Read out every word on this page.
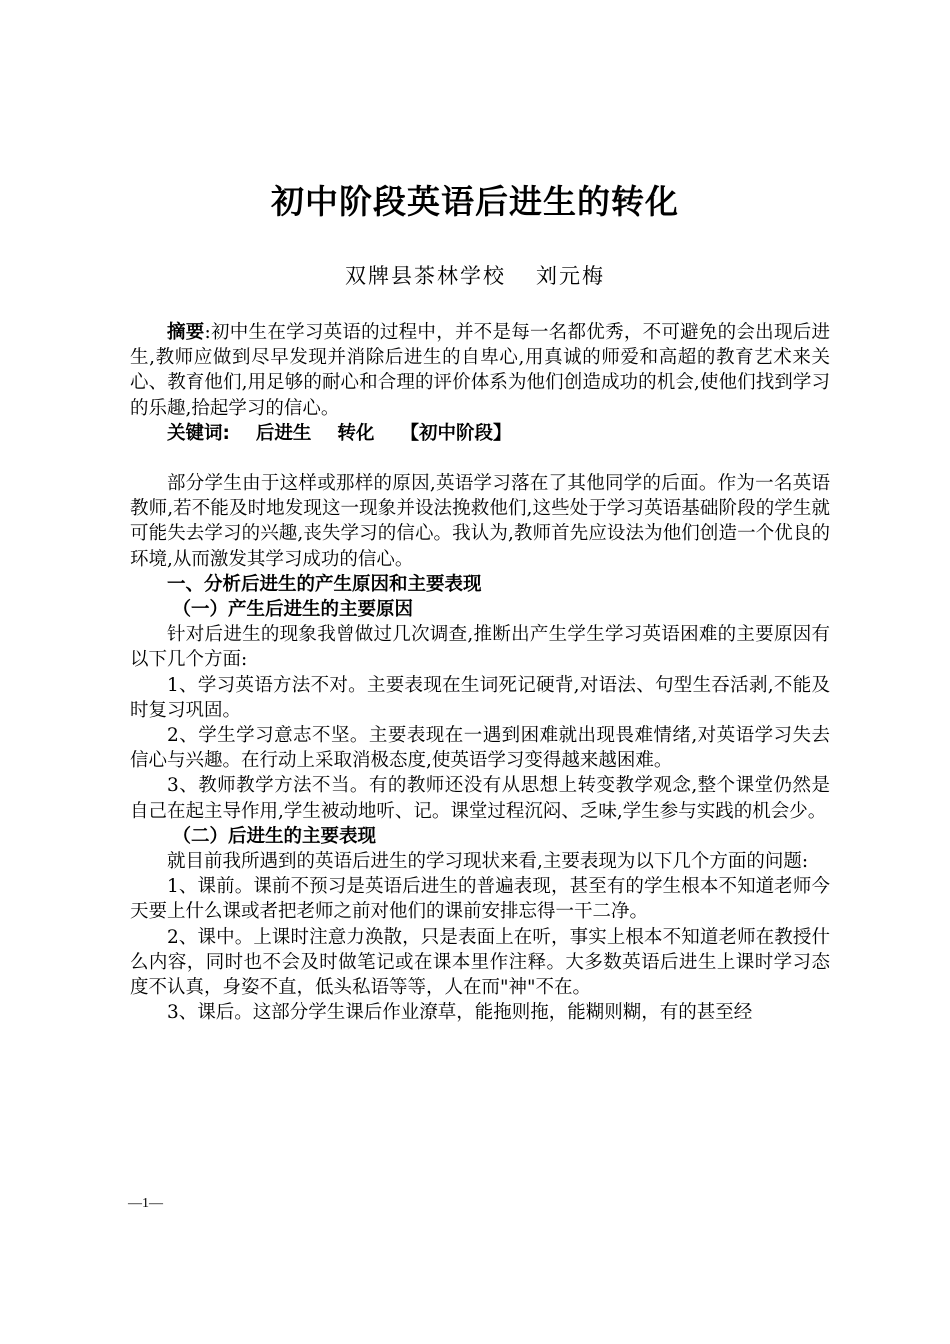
初中阶段英语后进生的转化
双牌县茶林学校 刘元梅

摘要:初中生在学习英语的过程中，并不是每一名都优秀，不可避免的会出现后进生,教师应做到尽早发现并消除后进生的自卑心,用真诚的师爱和高超的教育艺术来关心、教育他们,用足够的耐心和合理的评价体系为他们创造成功的机会,使他们找到学习的乐趣,拾起学习的信心。

关键词: 后进生 转化 【初中阶段】

部分学生由于这样或那样的原因,英语学习落在了其他同学的后面。作为一名英语教师,若不能及时地发现这一现象并设法挽救他们,这些处于学习英语基础阶段的学生就可能失去学习的兴趣,丧失学习的信心。我认为,教师首先应设法为他们创造一个优良的环境,从而激发其学习成功的信心。

一、分析后进生的产生原因和主要表现

（一）产生后进生的主要原因

针对后进生的现象我曾做过几次调查,推断出产生学生学习英语困难的主要原因有以下几个方面:

1、学习英语方法不对。主要表现在生词死记硬背,对语法、句型生吞活剥,不能及时复习巩固。

2、学生学习意志不坚。主要表现在一遇到困难就出现畏难情绪,对英语学习失去信心与兴趣。在行动上采取消极态度,使英语学习变得越来越困难。

3、教师教学方法不当。有的教师还没有从思想上转变教学观念,整个课堂仍然是自己在起主导作用,学生被动地听、记。课堂过程沉闷、乏味,学生参与实践的机会少。

（二）后进生的主要表现

就目前我所遇到的英语后进生的学习现状来看,主要表现为以下几个方面的问题:

1、课前。课前不预习是英语后进生的普遍表现，甚至有的学生根本不知道老师今天要上什么课或者把老师之前对他们的课前安排忘得一干二净。

2、课中。上课时注意力涣散，只是表面上在听，事实上根本不知道老师在教授什么内容，同时也不会及时做笔记或在课本里作注释。大多数英语后进生上课时学习态度不认真，身姿不直，低头私语等等，人在而"神"不在。

3、课后。这部分学生课后作业潦草，能拖则拖，能糊则糊，有的甚至经

—1—
